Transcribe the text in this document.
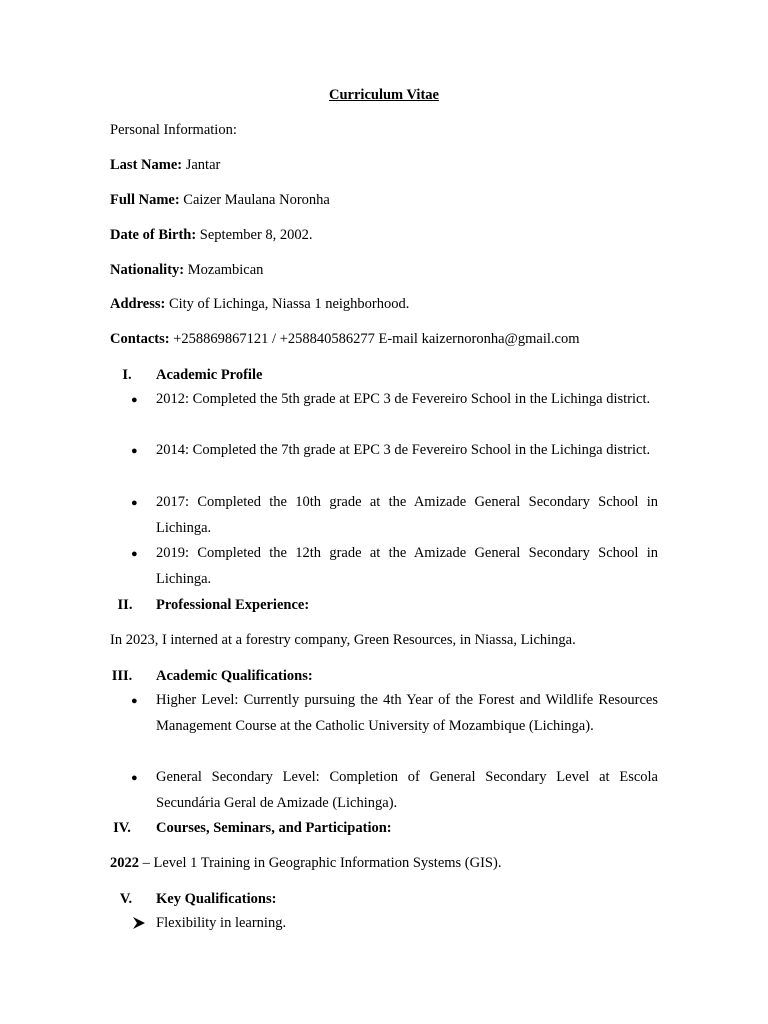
Curriculum Vitae
Personal Information:
Last Name: Jantar
Full Name: Caizer Maulana Noronha
Date of Birth: September 8, 2002.
Nationality: Mozambican
Address: City of Lichinga, Niassa 1 neighborhood.
Contacts: +258869867121 / +258840586277 E-mail kaizernoronha@gmail.com
I.	Academic Profile
● 2012: Completed the 5th grade at EPC 3 de Fevereiro School in the Lichinga district.
● 2014: Completed the 7th grade at EPC 3 de Fevereiro School in the Lichinga district.
● 2017: Completed the 10th grade at the Amizade General Secondary School in Lichinga.
● 2019: Completed the 12th grade at the Amizade General Secondary School in Lichinga.
II.	Professional Experience:
In 2023, I interned at a forestry company, Green Resources, in Niassa, Lichinga.
III.	Academic Qualifications:
● Higher Level: Currently pursuing the 4th Year of the Forest and Wildlife Resources Management Course at the Catholic University of Mozambique (Lichinga).
● General Secondary Level: Completion of General Secondary Level at Escola Secundária Geral de Amizade (Lichinga).
IV.	Courses, Seminars, and Participation:
2022 – Level 1 Training in Geographic Information Systems (GIS).
V.	Key Qualifications:
Flexibility in learning.
